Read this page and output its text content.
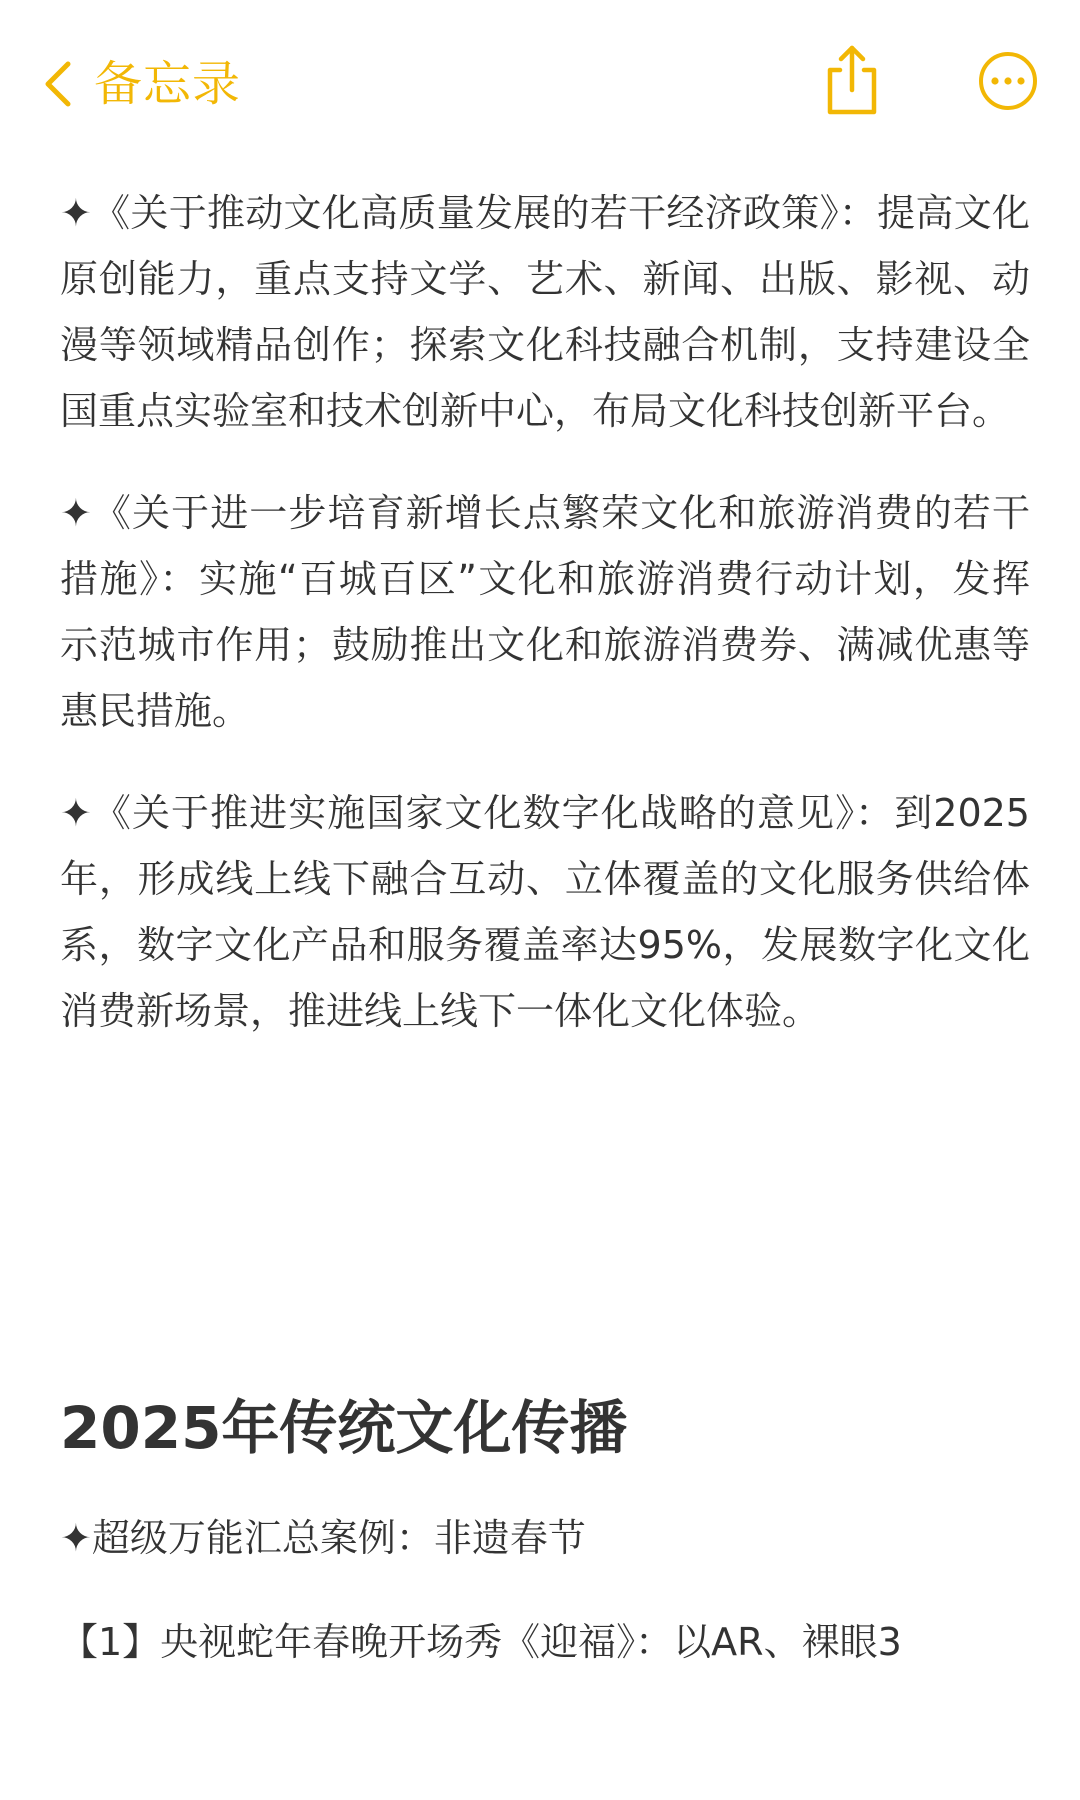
备忘录

✦《关于推动文化高质量发展的若干经济政策》：提高文化原创能力，重点支持文学、艺术、新闻、出版、影视、动漫等领域精品创作；探索文化科技融合机制，支持建设全国重点实验室和技术创新中心，布局文化科技创新平台。

✦《关于进一步培育新增长点繁荣文化和旅游消费的若干措施》：实施“百城百区”文化和旅游消费行动计划，发挥示范城市作用；鼓励推出文化和旅游消费券、满减优惠等惠民措施。

✦《关于推进实施国家文化数字化战略的意见》：到2025年，形成线上线下融合互动、立体覆盖的文化服务供给体系，数字文化产品和服务覆盖率达95%，发展数字化文化消费新场景，推进线上线下一体化文化体验。

2025年传统文化传播

✦超级万能汇总案例：非遗春节

【1】央视蛇年春晚开场秀《迎福》：以AR、裸眼3
